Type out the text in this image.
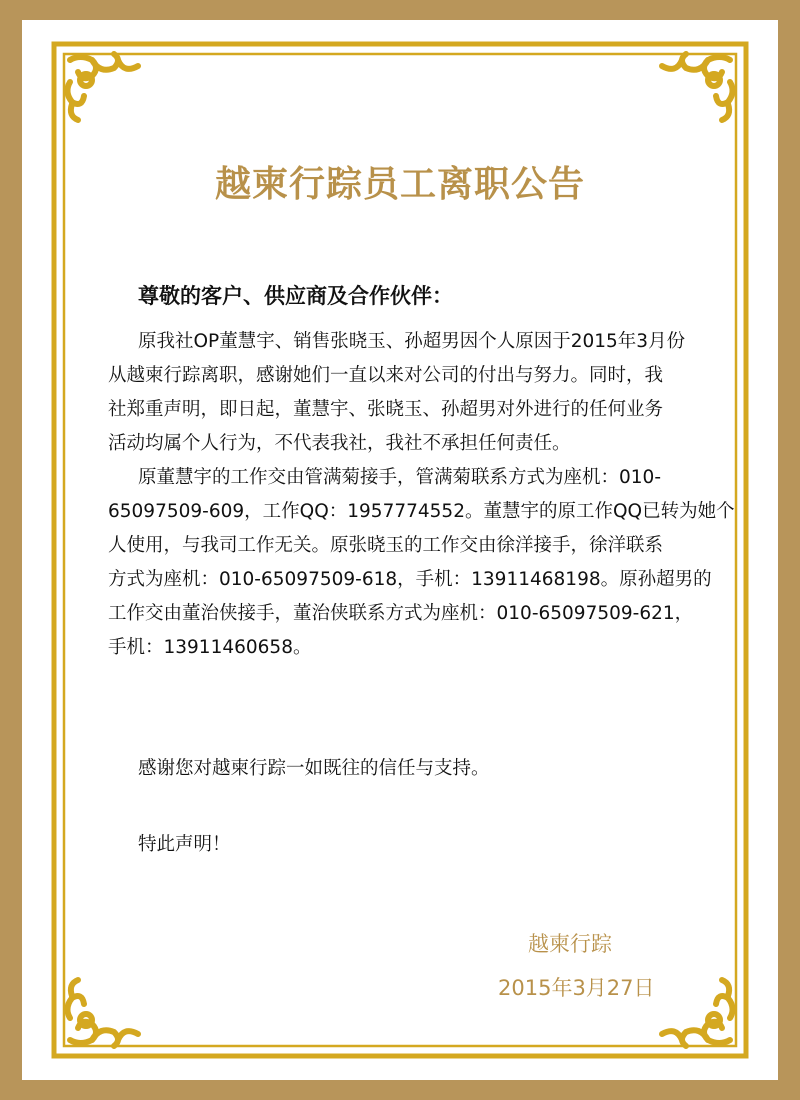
越柬行踪员工离职公告
尊敬的客户、供应商及合作伙伴：
原我社OP董慧宇、销售张晓玉、孙超男因个人原因于2015年3月份
从越柬行踪离职，感谢她们一直以来对公司的付出与努力。同时，我
社郑重声明，即日起，董慧宇、张晓玉、孙超男对外进行的任何业务
活动均属个人行为，不代表我社，我社不承担任何责任。
原董慧宇的工作交由管满菊接手，管满菊联系方式为座机：010-
65097509-609，工作QQ：1957774552。董慧宇的原工作QQ已转为她个
人使用，与我司工作无关。原张晓玉的工作交由徐洋接手，徐洋联系
方式为座机：010-65097509-618，手机：13911468198。原孙超男的
工作交由董治侠接手，董治侠联系方式为座机：010-65097509-621，
手机：13911460658。
感谢您对越柬行踪一如既往的信任与支持。
特此声明！
越柬行踪
2015年3月27日
